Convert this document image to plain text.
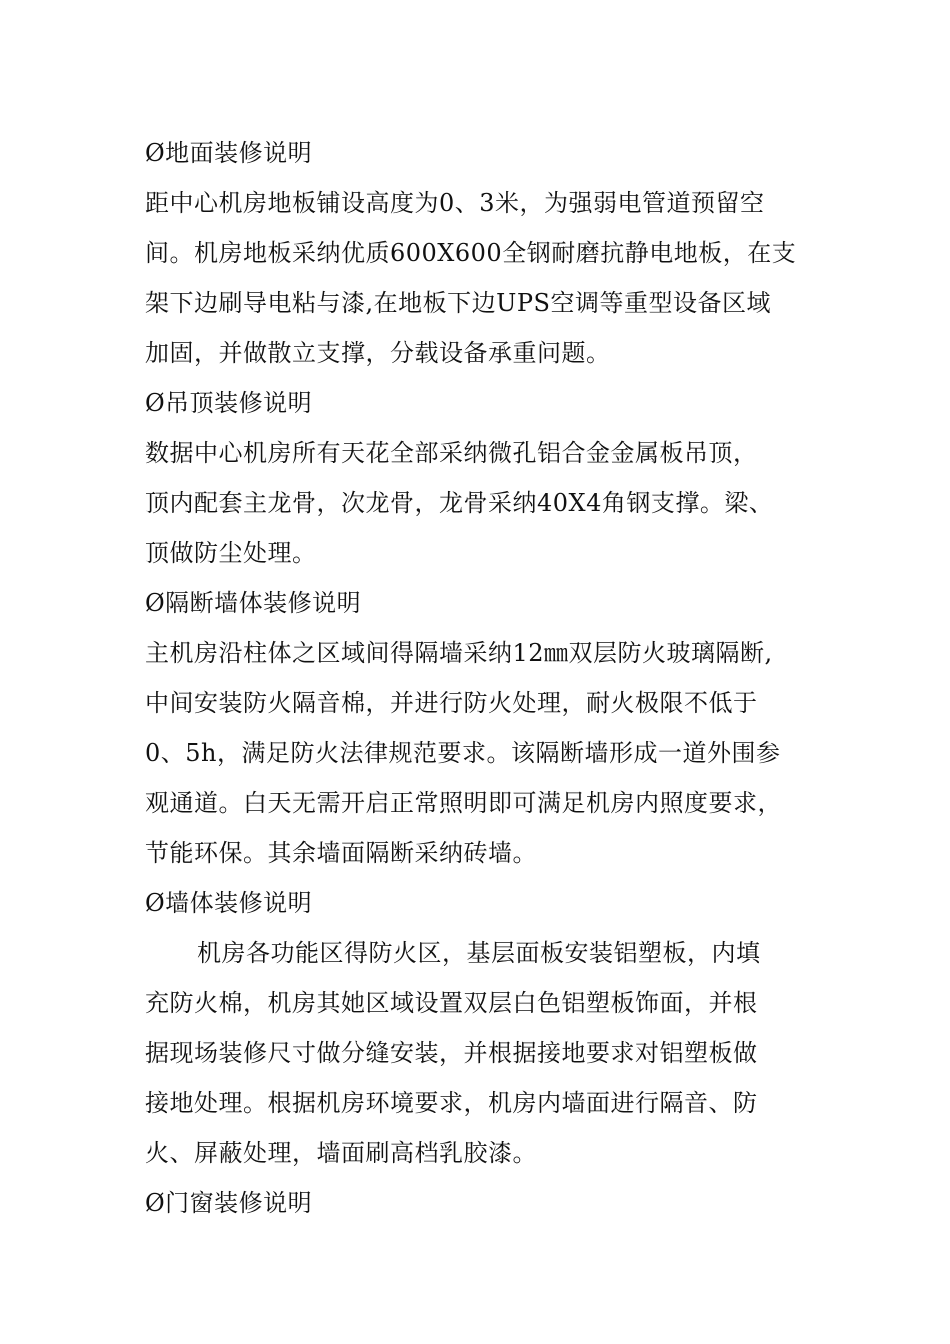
Ø地面装修说明
距中心机房地板铺设高度为0、3米，为强弱电管道预留空
间。机房地板采纳优质600X600全钢耐磨抗静电地板，在支
架下边刷导电粘与漆,在地板下边UPS空调等重型设备区域
加固，并做散立支撑，分载设备承重问题。
Ø吊顶装修说明
数据中心机房所有天花全部采纳微孔铝合金金属板吊顶，
顶内配套主龙骨，次龙骨，龙骨采纳40X4角钢支撑。梁、
顶做防尘处理。
Ø隔断墙体装修说明
主机房沿柱体之区域间得隔墙采纳12㎜双层防火玻璃隔断,
中间安装防火隔音棉，并进行防火处理，耐火极限不低于
0、5h，满足防火法律规范要求。该隔断墙形成一道外围参
观通道。白天无需开启正常照明即可满足机房内照度要求，
节能环保。其余墙面隔断采纳砖墙。
Ø墙体装修说明
机房各功能区得防火区，基层面板安装铝塑板，内填
充防火棉，机房其她区域设置双层白色铝塑板饰面，并根
据现场装修尺寸做分缝安装，并根据接地要求对铝塑板做
接地处理。根据机房环境要求，机房内墙面进行隔音、防
火、屏蔽处理，墙面刷高档乳胶漆。
Ø门窗装修说明
